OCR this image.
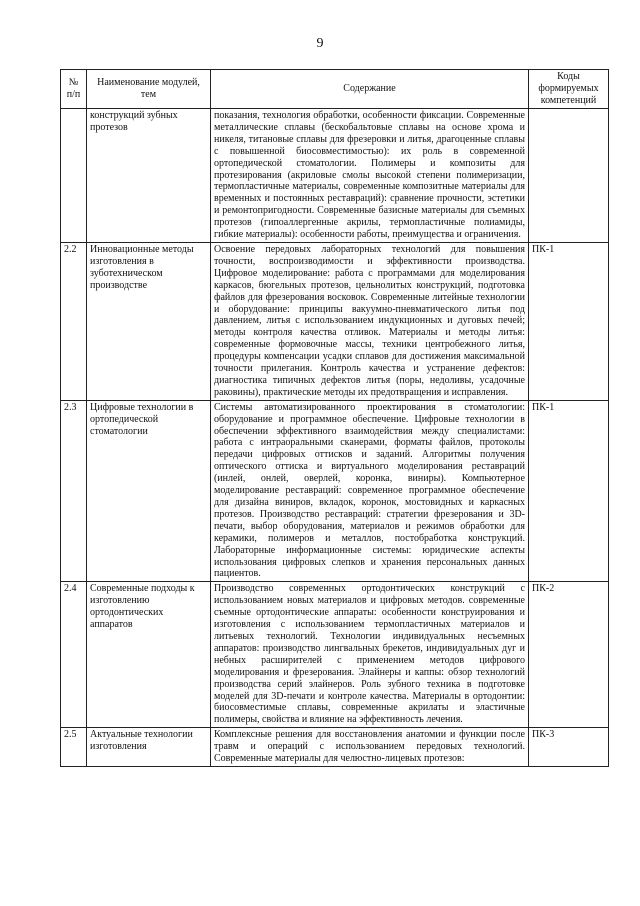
9
№ п/п	Наименование модулей, тем	Содержание	Коды формируемых компетенций
	конструкций зубных протезов	показания, технология обработки, особенности фиксации. Современные металлические сплавы (бескобальтовые сплавы на основе хрома и никеля, титановые сплавы для фрезеровки и литья, драгоценные сплавы с повышенной биосовместимостью): их роль в современной ортопедической стоматологии. Полимеры и композиты для протезирования (акриловые смолы высокой степени полимеризации, термопластичные материалы, современные композитные материалы для временных и постоянных реставраций): сравнение прочности, эстетики и ремонтопригодности. Современные базисные материалы для съемных протезов (гипоаллергенные акрилы, термопластичные полиамиды, гибкие материалы): особенности работы, преимущества и ограничения.	
2.2	Инновационные методы изготовления в зуботехническом производстве	Освоение передовых лабораторных технологий для повышения точности, воспроизводимости и эффективности производства. Цифровое моделирование: работа с программами для моделирования каркасов, бюгельных протезов, цельнолитых конструкций, подготовка файлов для фрезерования восковок. Современные литейные технологии и оборудование: принципы вакуумно-пневматического литья под давлением, литья с использованием индукционных и дуговых печей; методы контроля качества отливок. Материалы и методы литья: современные формовочные массы, техники центробежного литья, процедуры компенсации усадки сплавов для достижения максимальной точности прилегания. Контроль качества и устранение дефектов: диагностика типичных дефектов литья (поры, недоливы, усадочные раковины), практические методы их предотвращения и исправления.	ПК-1
2.3	Цифровые технологии в ортопедической стоматологии	Системы автоматизированного проектирования в стоматологии: оборудование и программное обеспечение. Цифровые технологии в обеспечении эффективного взаимодействия между специалистами: работа с интраоральными сканерами, форматы файлов, протоколы передачи цифровых оттисков и заданий. Алгоритмы получения оптического оттиска и виртуального моделирования реставраций (инлей, онлей, оверлей, коронка, виниры). Компьютерное моделирование реставраций: современное программное обеспечение для дизайна виниров, вкладок, коронок, мостовидных и каркасных протезов. Производство реставраций: стратегии фрезерования и 3D-печати, выбор оборудования, материалов и режимов обработки для керамики, полимеров и металлов, постобработка конструкций. Лабораторные информационные системы: юридические аспекты использования цифровых слепков и хранения персональных данных пациентов.	ПК-1
2.4	Современные подходы к изготовлению ортодонтических аппаратов	Производство современных ортодонтических конструкций с использованием новых материалов и цифровых методов. современные съемные ортодонтические аппараты: особенности конструирования и изготовления с использованием термопластичных материалов и литьевых технологий. Технологии индивидуальных несъемных аппаратов: производство лингвальных брекетов, индивидуальных дуг и небных расширителей с применением методов цифрового моделирования и фрезерования. Элайнеры и каппы: обзор технологий производства серий элайнеров. Роль зубного техника в подготовке моделей для 3D-печати и контроле качества. Материалы в ортодонтии: биосовместимые сплавы, современные акрилаты и эластичные полимеры, свойства и влияние на эффективность лечения.	ПК-2
2.5	Актуальные технологии изготовления	Комплексные решения для восстановления анатомии и функции после травм и операций с использованием передовых технологий. Современные материалы для челюстно-лицевых протезов:	ПК-3
